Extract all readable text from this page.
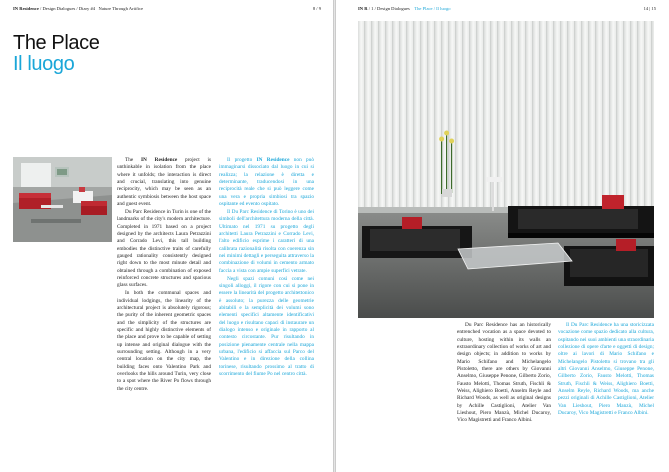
IN Residence / Design Dialogues / Diary #4 Nature Through Artifice	8 / 9
The Place
Il luogo

The IN Residence project is unthinkable in isolation from the place where it unfolds; the interaction is direct and crucial, translating into genuine reciprocity, which may be seen as an authentic symbiosis between the host space and guest event.

Du Parc Residence in Turin is one of the landmarks of the city's modern architecture. Completed in 1971 based on a project designed by the architects Laura Petrazzini and Corrado Levi, this tall building embodies the distinctive traits of carefully gauged rationality consistently designed right down to the most minute detail and obtained through a combination of exposed reinforced concrete structures and spacious glass surfaces.

In both the communal spaces and individual lodgings, the linearity of the architectural project is absolutely rigorous; the purity of the inherent geometric spaces and the simplicity of the structures are specific and highly distinctive elements of the place and prove to be capable of setting up intense and original dialogue with the surrounding setting. Although in a very central location on the city map, the building faces onto Valentino Park and overlooks the hills around Turin, very close to a spot where the River Po flows through the city centre.

Il progetto IN Residence non può immaginarsi dissociato dal luogo in cui si realizza; la relazione è diretta e determinante, traducendosi in una reciprocità reale che si può leggere come una vera e propria simbiosi tra spazio ospitante ed evento ospitato.

Il Du Parc Residence di Torino è uno dei simboli dell'architettura moderna della città. Ultimato nel 1971 su progetto degli architetti Laura Petrazzini e Corrado Levi, l'alto edificio esprime i caratteri di una calibrata razionalità risolta con coerenza sin nei minimi dettagli e perseguita attraverso la combinazione di volumi in cemento armato faccia a vista con ampie superfici vetrate.

Negli spazi comuni così come nei singoli alloggi, il rigore con cui si pone in essere la linearità del progetto architettonico è assoluto; la purezza delle geometrie abitabili e la semplicità dei volumi sono elementi specifici altamente identificativi del luogo e risultano capaci di instaurare un dialogo intenso e originale in rapporto al contesto circostante. Pur risultando in posizione pienamente centrale nella mappa urbana, l'edificio si affaccia sul Parco del Valentino e in direzione della collina torinese, risultando prossimo al tratto di scorrimento del fiume Po nel centro città.

IN R / 1 / Design Dialogues The Place / Il luogo	14 | 15

Du Parc Residence has an historically entrenched vocation as a space devoted to culture, hosting within its walls an extraordinary collection of works of art and design objects; in addition to works by Mario Schifano and Michelangelo Pistoletto, there are others by Giovanni Anselmo, Giuseppe Penone, Gilberto Zorio, Fausto Melotti, Thomas Struth, Fischli & Weiss, Alighiero Boetti, Anselm Reyle and Richard Woods, as well as original designs by Achille Castiglioni, Atelier Van Lieshout, Piero Manzù, Michel Ducaroy, Vico Magistretti and Franco Albini.

Il Du Parc Residence ha una storicizzata vocazione come spazio dedicato alla cultura, ospitando nei suoi ambienti una straordinaria collezione di opere d'arte e oggetti di design; oltre ai lavori di Mario Schifano e Michelangelo Pistoletto si trovano tra gli altri Giovanni Anselmo, Giuseppe Penone, Gilberto Zorio, Fausto Melotti, Thomas Struth, Fischli & Weiss, Alighiero Boetti, Anselm Reyle, Richard Woods, ma anche pezzi originali di Achille Castiglioni, Atelier Van Lieshout, Piero Manzù, Michel Ducaroy, Vico Magistretti e Franco Albini.
